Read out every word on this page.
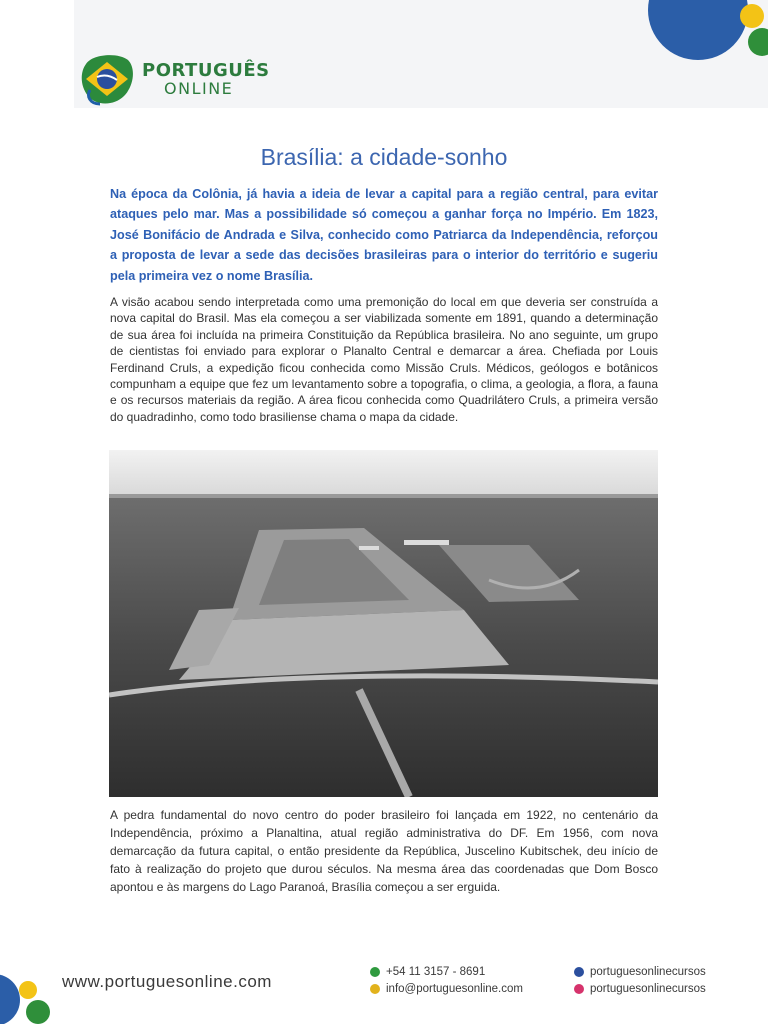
PORTUGUÊS
ONLINE
Brasília: a cidade-sonho

Na época da Colônia, já havia a ideia de levar a capital para a região central, para evitar ataques pelo mar. Mas a possibilidade só começou a ganhar força no Império. Em 1823, José Bonifácio de Andrada e Silva, conhecido como Patriarca da Independência, reforçou a proposta de levar a sede das decisões brasileiras para o interior do território e sugeriu pela primeira vez o nome Brasília.

A visão acabou sendo interpretada como uma premonição do local em que deveria ser construída a nova capital do Brasil. Mas ela começou a ser viabilizada somente em 1891, quando a determinação de sua área foi incluída na primeira Constituição da República brasileira. No ano seguinte, um grupo de cientistas foi enviado para explorar o Planalto Central e demarcar a área. Chefiada por Louis Ferdinand Cruls, a expedição ficou conhecida como Missão Cruls. Médicos, geólogos e botânicos compunham a equipe que fez um levantamento sobre a topografia, o clima, a geologia, a flora, a fauna e os recursos materiais da região. A área ficou conhecida como Quadrilátero Cruls, a primeira versão do quadradinho, como todo brasiliense chama o mapa da cidade.

A pedra fundamental do novo centro do poder brasileiro foi lançada em 1922, no centenário da Independência, próximo a Planaltina, atual região administrativa do DF. Em 1956, com nova demarcação da futura capital, o então presidente da República, Juscelino Kubitschek, deu início de fato à realização do projeto que durou séculos. Na mesma área das coordenadas que Dom Bosco apontou e às margens do Lago Paranoá, Brasília começou a ser erguida.

www.portuguesonline.com	+54 11 3157 - 8691
info@portuguesonline.com
portuguesonlinecursos
portuguesonlinecursos
